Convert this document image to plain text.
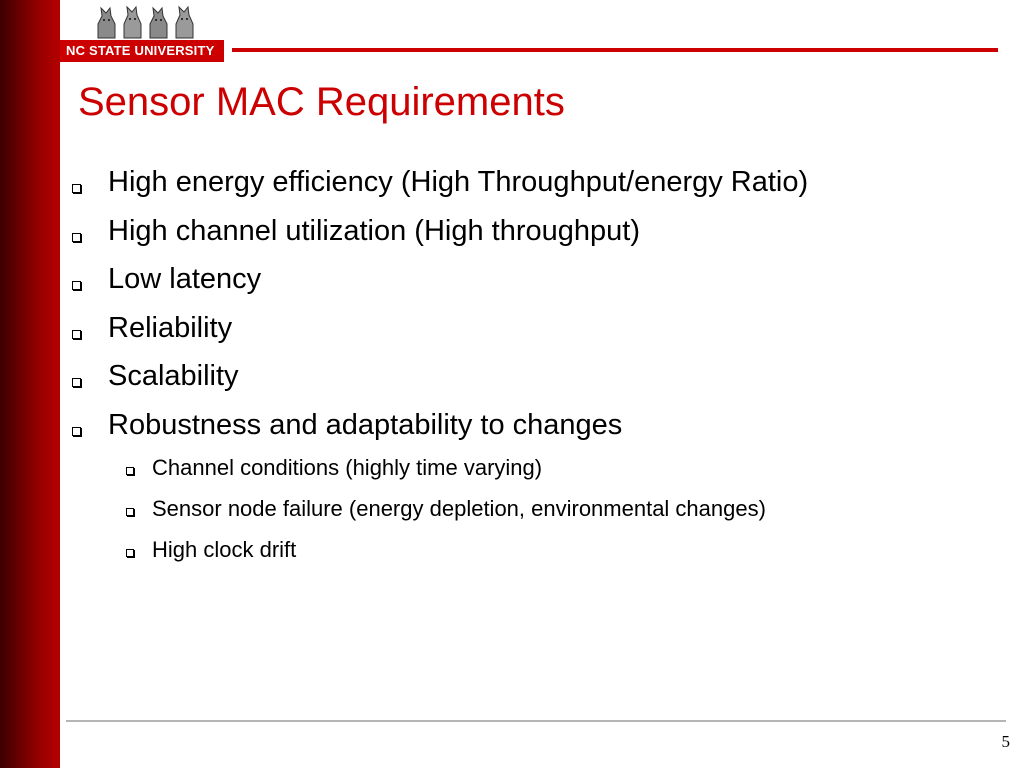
NC STATE UNIVERSITY
Sensor MAC Requirements
High energy efficiency (High Throughput/energy Ratio)
High channel utilization (High throughput)
Low latency
Reliability
Scalability
Robustness and adaptability to changes
Channel conditions (highly time varying)
Sensor node failure (energy depletion, environmental changes)
High clock drift
5
